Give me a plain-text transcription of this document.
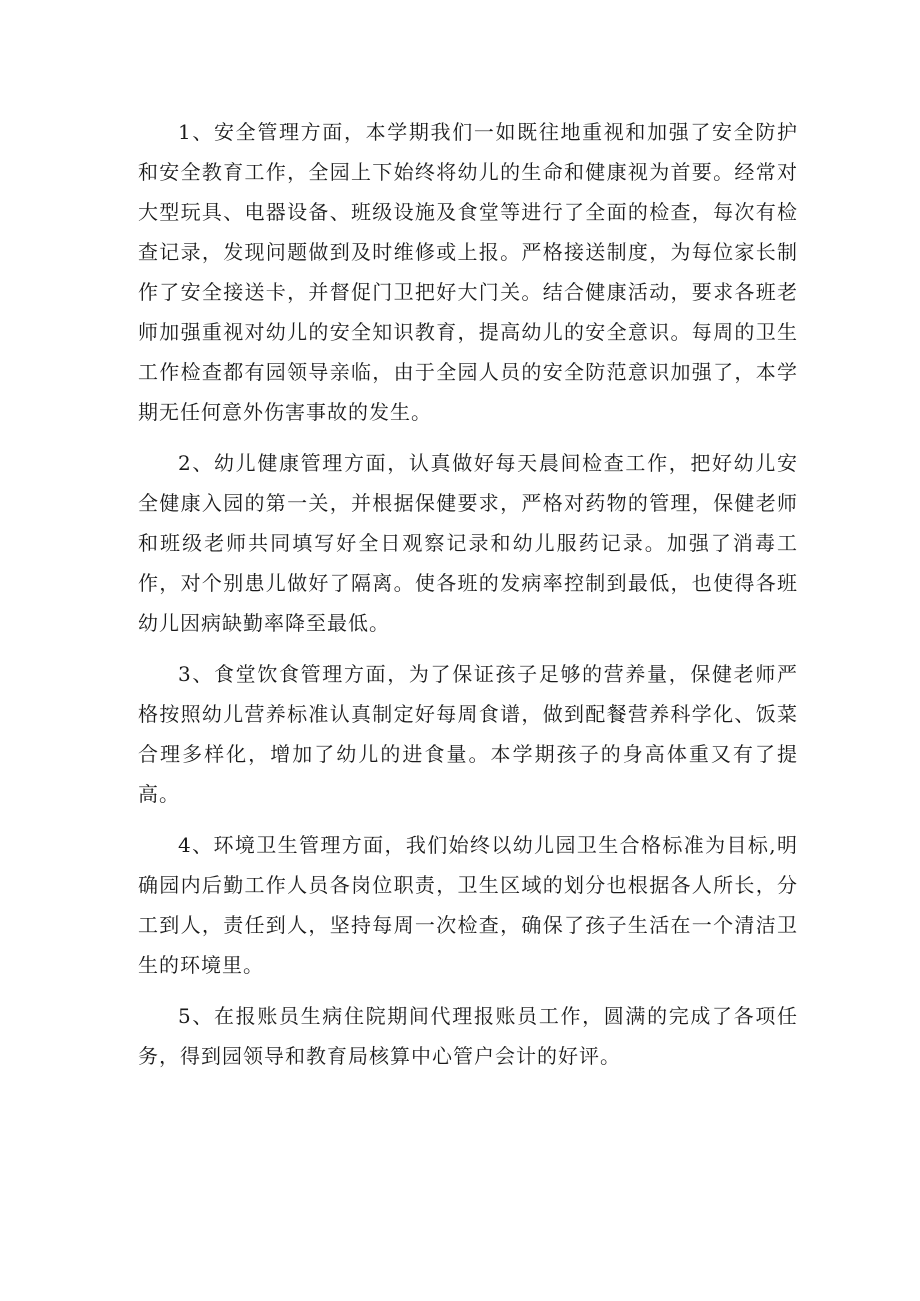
1、安全管理方面，本学期我们一如既往地重视和加强了安全防护和安全教育工作，全园上下始终将幼儿的生命和健康视为首要。经常对大型玩具、电器设备、班级设施及食堂等进行了全面的检查，每次有检查记录，发现问题做到及时维修或上报。严格接送制度，为每位家长制作了安全接送卡，并督促门卫把好大门关。结合健康活动，要求各班老师加强重视对幼儿的安全知识教育，提高幼儿的安全意识。每周的卫生工作检查都有园领导亲临，由于全园人员的安全防范意识加强了，本学期无任何意外伤害事故的发生。

2、幼儿健康管理方面，认真做好每天晨间检查工作，把好幼儿安全健康入园的第一关，并根据保健要求，严格对药物的管理，保健老师和班级老师共同填写好全日观察记录和幼儿服药记录。加强了消毒工作，对个别患儿做好了隔离。使各班的发病率控制到最低，也使得各班幼儿因病缺勤率降至最低。

3、食堂饮食管理方面，为了保证孩子足够的营养量，保健老师严格按照幼儿营养标准认真制定好每周食谱，做到配餐营养科学化、饭菜合理多样化，增加了幼儿的进食量。本学期孩子的身高体重又有了提高。

4、环境卫生管理方面，我们始终以幼儿园卫生合格标准为目标,明确园内后勤工作人员各岗位职责，卫生区域的划分也根据各人所长，分工到人，责任到人，坚持每周一次检查，确保了孩子生活在一个清洁卫生的环境里。

5、在报账员生病住院期间代理报账员工作，圆满的完成了各项任务，得到园领导和教育局核算中心管户会计的好评。
